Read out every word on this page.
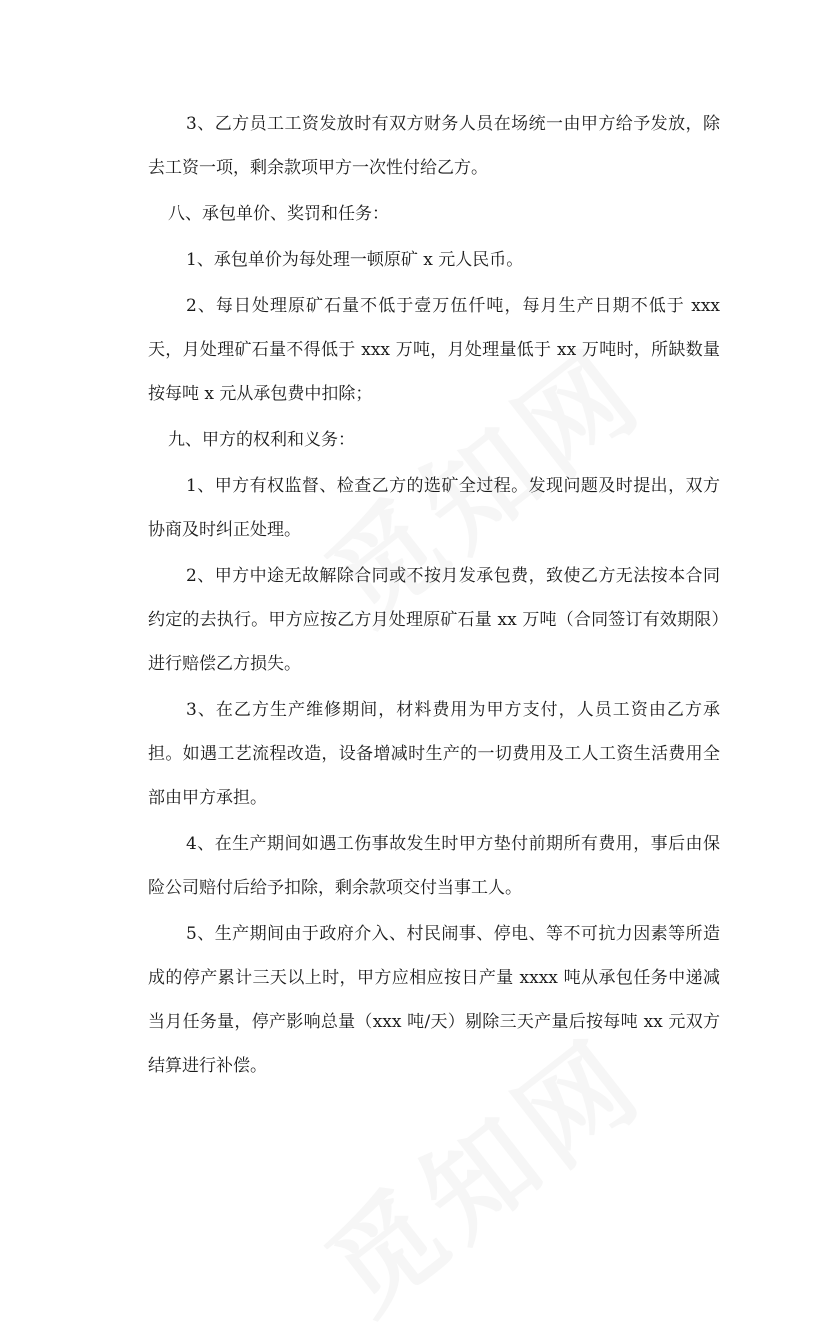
3、乙方员工工资发放时有双方财务人员在场统一由甲方给予发放，除去工资一项，剩余款项甲方一次性付给乙方。

八、承包单价、奖罚和任务：

1、承包单价为每处理一顿原矿 x 元人民币。

2、每日处理原矿石量不低于壹万伍仟吨，每月生产日期不低于 xxx 天，月处理矿石量不得低于 xxx 万吨，月处理量低于 xx 万吨时，所缺数量按每吨 x 元从承包费中扣除；

九、甲方的权利和义务：

1、甲方有权监督、检查乙方的选矿全过程。发现问题及时提出，双方协商及时纠正处理。

2、甲方中途无故解除合同或不按月发承包费，致使乙方无法按本合同约定的去执行。甲方应按乙方月处理原矿石量 xx 万吨（合同签订有效期限）进行赔偿乙方损失。

3、在乙方生产维修期间，材料费用为甲方支付，人员工资由乙方承担。如遇工艺流程改造，设备增减时生产的一切费用及工人工资生活费用全部由甲方承担。

4、在生产期间如遇工伤事故发生时甲方垫付前期所有费用，事后由保险公司赔付后给予扣除，剩余款项交付当事工人。

5、生产期间由于政府介入、村民闹事、停电、等不可抗力因素等所造成的停产累计三天以上时，甲方应相应按日产量 xxxx 吨从承包任务中递减当月任务量，停产影响总量（xxx 吨/天）剔除三天产量后按每吨 xx 元双方结算进行补偿。
